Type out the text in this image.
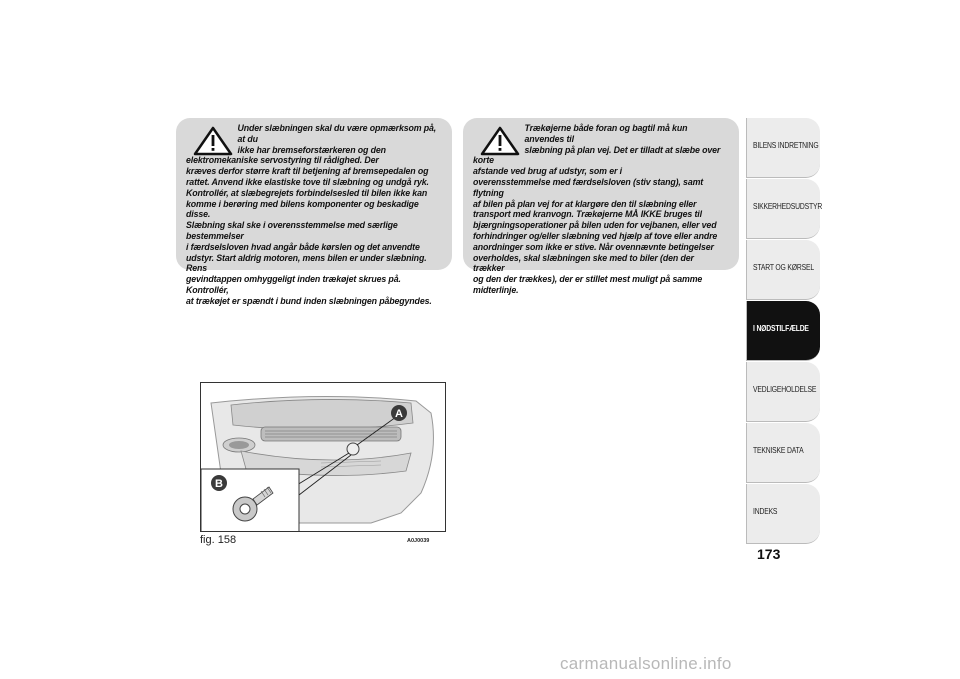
Under slæbningen skal du være opmærksom på, at du
ikke har bremseforstærkeren og den
elektromekaniske servostyring til rådighed. Der
kræves derfor større kraft til betjening af bremsepedalen og
rattet. Anvend ikke elastiske tove til slæbning og undgå ryk.
Kontrollér, at slæbegrejets forbindelsesled til bilen ikke kan
komme i berøring med bilens komponenter og beskadige disse.
Slæbning skal ske i overensstemmelse med særlige bestemmelser
i færdselsloven hvad angår både kørslen og det anvendte
udstyr. Start aldrig motoren, mens bilen er under slæbning. Rens
gevindtappen omhyggeligt inden trækøjet skrues på. Kontrollér,
at trækøjet er spændt i bund inden slæbningen påbegyndes.

Trækøjerne både foran og bagtil må kun anvendes til
slæbning på plan vej. Det er tilladt at slæbe over korte
afstande ved brug af udstyr, som er i
overensstemmelse med færdselsloven (stiv stang), samt flytning
af bilen på plan vej for at klargøre den til slæbning eller
transport med kranvogn. Trækøjerne MÅ IKKE bruges til
bjærgningsoperationer på bilen uden for vejbanen, eller ved
forhindringer og/eller slæbning ved hjælp af tove eller andre
anordninger som ikke er stive. Når ovennævnte betingelser
overholdes, skal slæbningen ske med to biler (den der trækker
og den der trækkes), der er stillet mest muligt på samme
midterlinje.

A
B
fig. 158	A0J0039
BILENS INDRETNING
SIKKERHEDSUDSTYR
START OG KØRSEL
I NØDSTILFÆLDE
VEDLIGEHOLDELSE
TEKNISKE DATA
INDEKS
173
carmanualsonline.info
